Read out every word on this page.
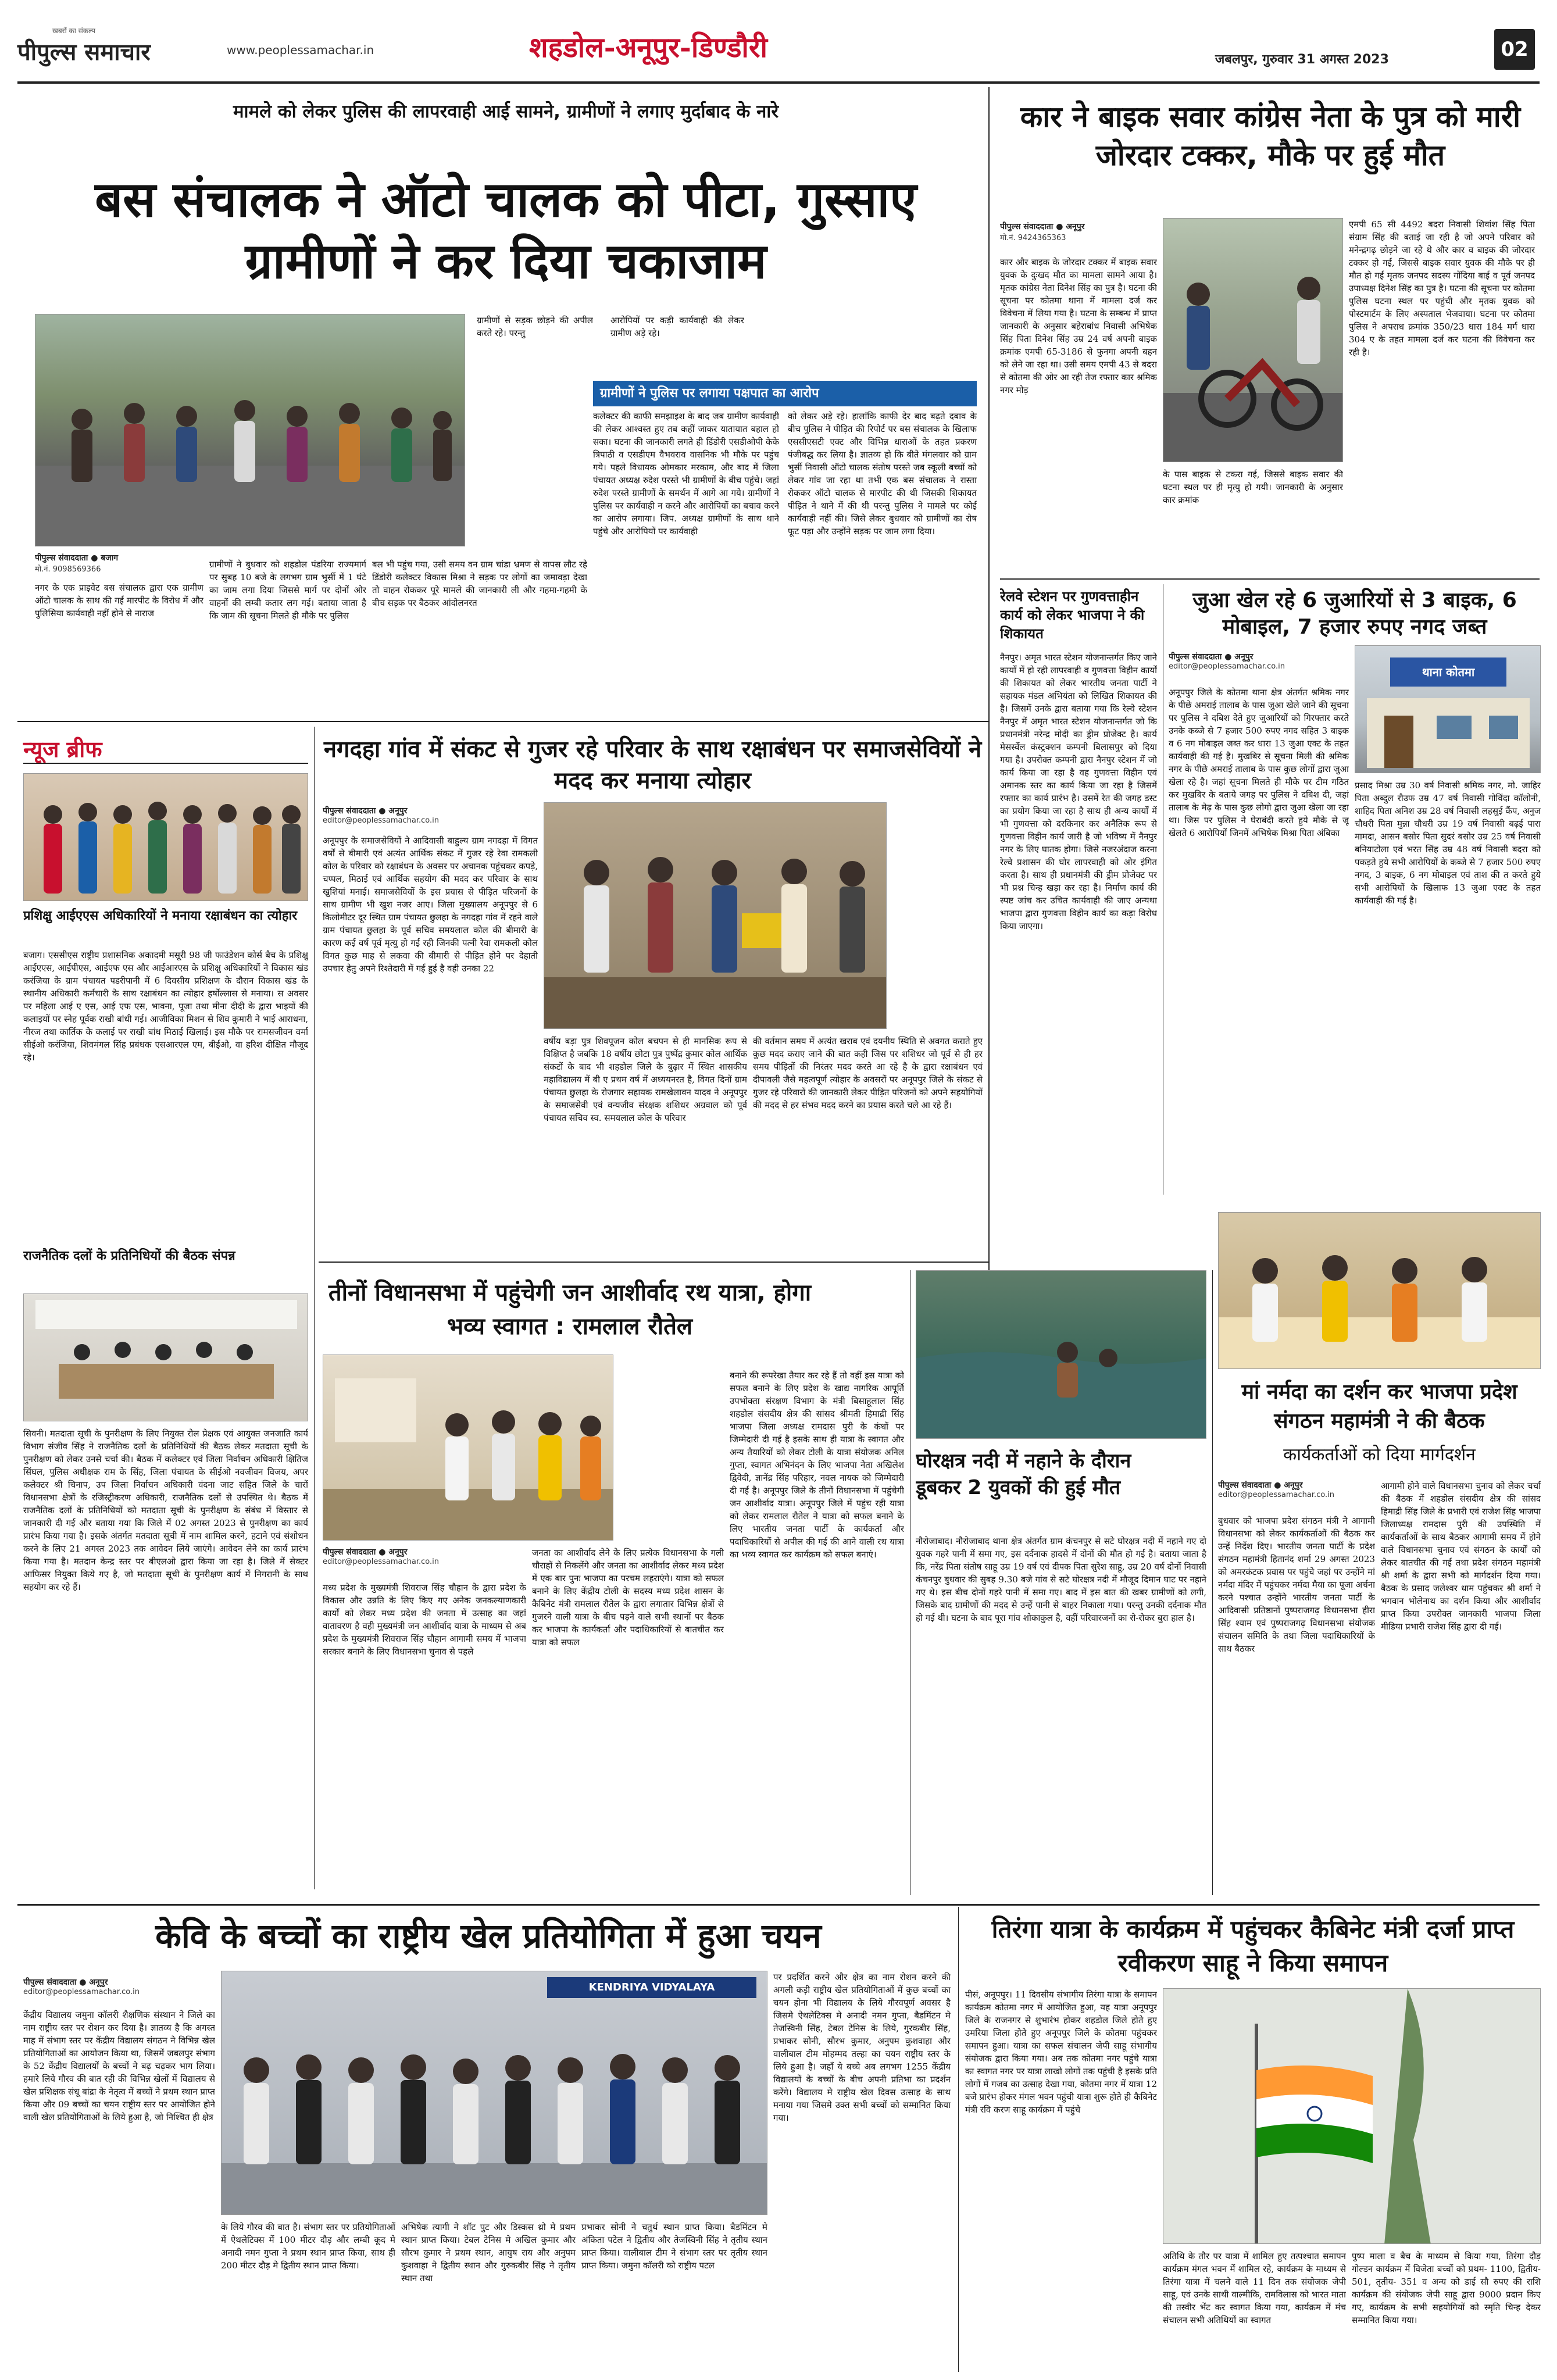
पीपुल्स समाचार
खबरों का संकल्प
www.peoplessamachar.in	शहडोल-अनूपुर-डिण्डौरी	जबलपुर, गुरुवार 31 अगस्त 2023	02
मामले को लेकर पुलिस की लापरवाही आई सामने, ग्रामीणों ने लगाए मुर्दाबाद के नारे
बस संचालक ने ऑटो चालक को पीटा, गुस्साए ग्रामीणों ने कर दिया चकाजाम
पीपुल्स संवाददाता ● बजाग
मो.नं. 9098569366
नगर के एक प्राइवेट बस संचालक द्वारा एक ग्रामीण ऑटो चालक के साथ की गई मारपीट के विरोध में और पुलिसिया कार्यवाही नहीं होने से नाराज
ग्रामीणों ने बुधवार को शहडोल पंडरिया राज्यमार्ग पर सुबह 10 बजे के लगभग ग्राम भुर्सी में 1 घंटे का जाम लगा दिया जिससे मार्ग पर दोनों ओर वाहनों की लम्बी कतार लग गई। बताया जाता है कि जाम की सूचना मिलते ही मौके पर पुलिस
बल भी पहुंच गया, उसी समय वन ग्राम चांडा भ्रमण से वापस लौट रहे डिंडोरी कलेक्टर विकास मिश्रा ने सड़क पर लोगों का जमावड़ा देखा तो वाहन रोककर पूरे मामले की जानकारी ली और गहमा-गहमी के बीच सड़क पर बैठकर आंदोलनरत
ग्रामीणों से सड़क छोड़ने की अपील करते रहे। परन्तु
आरोपियों पर कड़ी कार्यवाही की लेकर ग्रामीण अड़े रहे।
ग्रामीणों ने पुलिस पर लगाया पक्षपात का आरोप
कलेक्टर की काफी समझाइश के बाद जब ग्रामीण कार्यवाही की लेकर आश्वस्त हुए तब कहीं जाकर यातायात बहाल हो सका। घटना की जानकारी लगते ही डिंडोरी एसडीओपी केके त्रिपाठी व एसडीएम वैभवराव वासनिक भी मौके पर पहुंच गये। पहले विधायक ओमकार मरकाम, और बाद में जिला पंचायत अध्यक्ष रुदेश परस्ते भी ग्रामीणों के बीच पहुंचे। जहां रुदेश परस्ते ग्रामीणों के समर्थन में आगे आ गये। ग्रामीणों ने पुलिस पर कार्यवाही न करने और आरोपियों का बचाव करने का आरोप लगाया। जिप. अध्यक्ष ग्रामीणों के साथ थाने पहुंचे और आरोपियों पर कार्यवाही
को लेकर अड़े रहे। हालांकि काफी देर बाद बढ़ते दबाव के बीच पुलिस ने पीड़ित की रिपोर्ट पर बस संचालक के खिलाफ एससीएसटी एक्ट और विभिन्न धाराओं के तहत प्रकरण पंजीबद्ध कर लिया है। ज्ञातव्य हो कि बीते मंगलवार को ग्राम भुर्सी निवासी ऑटो चालक संतोष परस्ते जब स्कूली बच्चों को लेकर गांव जा रहा था तभी एक बस संचालक ने रास्ता रोककर ऑटो चालक से मारपीट की थी जिसकी शिकायत पीड़ित ने थाने में की थी परन्तु पुलिस ने मामले पर कोई कार्यवाही नहीं की। जिसे लेकर बुधवार को ग्रामीणों का रोष फूट पड़ा और उन्होंने सड़क पर जाम लगा दिया।
कार ने बाइक सवार कांग्रेस नेता के पुत्र को मारी जोरदार टक्कर, मौके पर हुई मौत
पीपुल्स संवाददाता ● अनूपुर
मो.नं. 9424365363
कार और बाइक के जोरदार टक्कर में बाइक सवार युवक के दुःखद मौत का मामला सामने आया है। मृतक कांग्रेस नेता दिनेश सिंह का पुत्र है। घटना की सूचना पर कोतमा थाना में मामला दर्ज कर विवेचना में लिया गया है। घटना के सम्बन्ध में प्राप्त जानकारी के अनुसार बहेराबांध निवासी अभिषेक सिंह पिता दिनेश सिंह उम्र 24 वर्ष अपनी बाइक क्रमांक एमपी 65-3186 से फुनगा अपनी बहन को लेने जा रहा था। उसी समय एमपी 43 से बदरा से कोतमा की ओर आ रही तेज रफ्तार कार श्रमिक नगर मोड़
के पास बाइक से टकरा गई, जिससे बाइक सवार की घटना स्थल पर ही मृत्यु हो गयी। जानकारी के अनुसार कार क्रमांक
एमपी 65 सी 4492 बदरा निवासी शिवांश सिंह पिता संग्राम सिंह की बताई जा रही है जो अपने परिवार को मनेन्द्रगढ़ छोड़ने जा रहे थे और कार व बाइक की जोरदार टक्कर हो गई, जिससे बाइक सवार युवक की मौके पर ही मौत हो गई मृतक जनपद सदस्य गोंदिया बाई व पूर्व जनपद उपाध्यक्ष दिनेश सिंह का पुत्र है। घटना की सूचना पर कोतमा पुलिस घटना स्थल पर पहुंची और मृतक युवक को पोस्टमार्टम के लिए अस्पताल भेजवाया। घटना पर कोतमा पुलिस ने अपराध क्रमांक 350/23 धारा 184 मर्ग धारा 304 ए के तहत मामला दर्ज कर घटना की विवेचना कर रही है।
रेलवे स्टेशन पर गुणवत्ताहीन कार्य को लेकर भाजपा ने की शिकायत
नैनपुर। अमृत भारत स्टेशन योजनान्तर्गत किए जाने कार्यों में हो रही लापरवाही व गुणवत्ता विहीन कार्यों की शिकायत को लेकर भारतीय जनता पार्टी ने सहायक मंडल अभियंता को लिखित शिकायत की है। जिसमें उनके द्वारा बताया गया कि रेल्वे स्टेशन नैनपुर में अमृत भारत स्टेशन योजनान्तर्गत जो कि प्रधानमंत्री नरेन्द्र मोदी का ड्रीम प्रोजेक्ट है। कार्य मेसर्स्वेल कंस्ट्रक्शन कम्पनी बिलासपुर को दिया गया है। उपरोक्त कम्पनी द्वारा नैनपुर स्टेशन में जो कार्य किया जा रहा है वह गुणवत्ता विहीन एवं अमानक स्तर का कार्य किया जा रहा है जिसमें रफ्तार का कार्य प्रारंभ है। उसमें रेत की जगह डस्ट का प्रयोग किया जा रहा है साथ ही अन्य कार्यों में भी गुणवत्ता को दरकिनार कर अनैतिक रूप से गुणवत्ता विहीन कार्य जारी है जो भविष्य में नैनपुर नगर के लिए घातक होगा। जिसे नजरअंदाज करना रेल्वे प्रशासन की घोर लापरवाही को ओर इंगित करता है। साथ ही प्रधानमंत्री की ड्रीम प्रोजेक्ट पर भी प्रश्न चिन्ह खड़ा कर रहा है। निर्माण कार्य की स्पष्ट जांच कर उचित कार्यवाही की जाए अन्यथा भाजपा द्वारा गुणवत्ता विहीन कार्य का कड़ा विरोध किया जाएगा।
जुआ खेल रहे 6 जुआरियों से 3 बाइक, 6 मोबाइल, 7 हजार रुपए नगद जब्त
पीपुल्स संवाददाता ● अनूपुर
editor@peoplessamachar.co.in	थाना कोतमा
अनूपपुर जिले के कोतमा थाना क्षेत्र अंतर्गत श्रमिक नगर के पीछे अमराई तालाब के पास जुआ खेले जाने की सूचना पर पुलिस ने दबिश देते हुए जुआरियों को गिरफ्तार करते उनके कब्जे से 7 हजार 500 रुपए नगद सहित 3 बाइक व 6 नग मोबाइल जब्त कर धारा 13 जुआ एक्ट के तहत कार्यवाही की गई है। मुखबिर से सूचना मिली की श्रमिक नगर के पीछे अमराई तालाब के पास कुछ लोगों द्वारा जुआ खेला रहे है। जहां सूचना मिलते ही मौके पर टीम गठित कर मुखबिर के बताये जगह पर पुलिस ने दबिश दी, जहां तालाब के मेढ़ के पास कुछ लोगो द्वारा जुआ खेला जा रहा था। जिस पर पुलिस ने घेराबंदी करते हुये मौके से जू खेलते 6 आरोपियों जिनमें अभिषेक मिश्रा पिता अंबिका
प्रसाद मिश्रा उम्र 30 वर्ष निवासी श्रमिक नगर, मो. जाहिर पिता अब्दुल रौउफ उम्र 47 वर्ष निवासी गोविंदा कॉलोनी, शाहिद पिता अनिश उम्र 28 वर्ष निवासी लहसुई कैंप, अनुज चौधरी पिता मुन्ना चौधरी उम्र 19 वर्ष निवासी बढ़ई पारा मामदा, आसन बसोर पिता सुदरं बसोर उम्र 25 वर्ष निवासी बनियाटोला एवं भरत सिंह उम्र 48 वर्ष निवासी बदरा को पकड़ते हुये सभी आरोपियों के कब्जे से 7 हजार 500 रुपए नगद, 3 बाइक, 6 नग मोबाइल एवं ताश की त करते हुये सभी आरोपियों के खिलाफ 13 जुआ एक्ट के तहत कार्यवाही की गई है।
न्यूज ब्रीफ
प्रशिक्षु आईएएस अधिकारियों ने मनाया रक्षाबंधन का त्योहार
बजाग। एससीएस राष्ट्रीय प्रशासनिक अकादमी मसूरी 98 जी फाउंडेशन कोर्स बैच के प्रशिक्षु आईएएस, आईपीएस, आईएफ एस और आईआरएस के प्रशिक्षु अधिकारियों ने विकास खंड करंजिया के ग्राम पंचायत पडरीपानी में 6 दिवसीय प्रशिक्षण के दौरान विकास खंड के स्थानीय अधिकारी कर्मचारी के साथ रक्षाबंधन का त्योहार हर्षोल्लास से मनाया। स अवसर पर महिला आई ए एस, आई एफ एस, भावना, पूजा तथा मीना दीदी के द्वारा भाइयों की कलाइयों पर स्नेह पूर्वक राखी बांधी गई। आजीविका मिशन से शिव कुमारी ने भाई आराधना, नीरज तथा कार्तिक के कलाई पर राखी बांध मिठाई खिलाई। इस मौके पर रामसजीवन वर्मा सीईओ करंजिया, शिवमंगल सिंह प्रबंधक एसआरएल एम, बीईओ, वा हरिश दीक्षित मौजूद रहे।
राजनैतिक दलों के प्रतिनिधियों की बैठक संपन्न
सिवनी। मतदाता सूची के पुनरीक्षण के लिए नियुक्त रोल प्रेक्षक एवं आयुक्त जनजाति कार्य विभाग संजीव सिंह ने राजनैतिक दलों के प्रतिनिधियों की बैठक लेकर मतदाता सूची के पुनरीक्षण को लेकर उनसे चर्चा की। बैठक में कलेक्टर एवं जिला निर्वाचन अधिकारी क्षितिज सिंघल, पुलिस अधीक्षक राम के सिंह, जिला पंचायत के सीईओ नवजीवन विजय, अपर कलेक्टर श्री चिनाप, उप जिला निर्वाचन अधिकारी वंदना जाट सहित जिले के चारों विधानसभा क्षेत्रों के रजिस्ट्रीकरण अधिकारी, राजनैतिक दलों से उपस्थित थे। बैठक में राजनैतिक दलों के प्रतिनिधियों को मतदाता सूची के पुनरीक्षण के संबंध में विस्तार से जानकारी दी गई और बताया गया कि जिले में 02 अगस्त 2023 से पुनरीक्षण का कार्य प्रारंभ किया गया है। इसके अंतर्गत मतदाता सूची में नाम शामिल करने, हटाने एवं संशोधन करने के लिए 21 अगस्त 2023 तक आवेदन लिये जाएंगे। आवेदन लेने का कार्य प्रारंभ किया गया है। मतदान केन्द्र स्तर पर बीएलओ द्वारा किया जा रहा है। जिले में सेक्टर आफिसर नियुक्त किये गए है, जो मतदाता सूची के पुनरीक्षण कार्य में निगरानी के साथ सहयोग कर रहे हैं।
नगदहा गांव में संकट से गुजर रहे परिवार के साथ रक्षाबंधन पर समाजसेवियों ने मदद कर मनाया त्योहार
पीपुल्स संवाददाता ● अनूपुर
editor@peoplessamachar.co.in
अनूपपुर के समाजसेवियों ने आदिवासी बाहुल्य ग्राम नगदहा में विगत वर्षों से बीमारी एवं अत्यंत आर्थिक संकट में गुजर रहे रेवा रामकली कोल के परिवार को रक्षाबंधन के अवसर पर अचानक पहुंचकर कपड़े, चप्पल, मिठाई एवं आर्थिक सहयोग की मदद कर परिवार के साथ खुशियां मनाई। समाजसेवियों के इस प्रयास से पीड़ित परिजनों के साथ ग्रामीण भी खुश नजर आए। जिला मुख्यालय अनूपपुर से 6 किलोमीटर दूर स्थित ग्राम पंचायत छुलहा के नगदहा गांव में रहने वाले ग्राम पंचायत छुलहा के पूर्व सचिव समयलाल कोल की बीमारी के कारण कई वर्ष पूर्व मृत्यु हो गई रही जिनकी पत्नी रेवा रामकली कोल विगत कुछ माह से लकवा की बीमारी से पीड़ित होने पर देहाती उपचार हेतु अपने रिश्तेदारी में गई हुई है वही उनका 22
वर्षीय बड़ा पुत्र शिवपूजन कोल बचपन से ही मानसिक रूप से विक्षिप्त है जबकि 18 वर्षीय छोटा पुत्र पुष्पेंद्र कुमार कोल आर्थिक संकटों के बाद भी शहडोल जिले के बुढ़ार में स्थित शासकीय महाविद्यालय में बी ए प्रथम वर्ष में अध्ययनरत है, विगत दिनों ग्राम पंचायत छुलहा के रोजगार सहायक रामखेलावन यादव ने अनूपपुर के समाजसेवी एवं वन्यजीव संरक्षक शशिधर अग्रवाल को पूर्व पंचायत सचिव स्व. समयलाल कोल के परिवार
की वर्तमान समय में अत्यंत खराब एवं दयनीय स्थिति से अवगत कराते हुए कुछ मदद कराए जाने की बात कही जिस पर शशिधर जो पूर्व से ही हर समय पीड़ितों की निरंतर मदद करते आ रहे है के द्वारा रक्षाबंधन एवं दीपावली जैसे महत्वपूर्ण त्योहार के अवसरों पर अनूपपुर जिले के संकट से गुजर रहे परिवारों की जानकारी लेकर पीड़ित परिजनों को अपने सहयोगियों की मदद से हर संभव मदद करने का प्रयास करते चले आ रहे हैं।
तीनों विधानसभा में पहुंचेगी जन आशीर्वाद रथ यात्रा, होगा भव्य स्वागत : रामलाल रौतेल
पीपुल्स संवाददाता ● अनूपुर
editor@peoplessamachar.co.in
मध्य प्रदेश के मुख्यमंत्री शिवराज सिंह चौहान के द्वारा प्रदेश के विकास और उन्नति के लिए किए गए अनेक जनकल्याणकारी कार्यों को लेकर मध्य प्रदेश की जनता में उत्साह का जहां वातावरण है वही मुख्यमंत्री जन आशीर्वाद यात्रा के माध्यम से अब प्रदेश के मुख्यमंत्री शिवराज सिंह चौहान आगामी समय में भाजपा सरकार बनाने के लिए विधानसभा चुनाव से पहले
जनता का आशीर्वाद लेने के लिए प्रत्येक विधानसभा के गली चौराहों से निकलेंगे और जनता का आशीर्वाद लेकर मध्य प्रदेश में एक बार पुनः भाजपा का परचम लहराएंगे। यात्रा को सफल बनाने के लिए केंद्रीय टोली के सदस्य मध्य प्रदेश शासन के कैबिनेट मंत्री रामलाल रौतेल के द्वारा लगातार विभिन्न क्षेत्रों से गुजरने वाली यात्रा के बीच पड़ने वाले सभी स्थानों पर बैठक कर भाजपा के कार्यकर्ता और पदाधिकारियों से बातचीत कर यात्रा को सफल
बनाने की रूपरेखा तैयार कर रहे हैं तो वहीं इस यात्रा को सफल बनाने के लिए प्रदेश के खाद्य नागरिक आपूर्ति उपभोक्ता संरक्षण विभाग के मंत्री बिसाहूलाल सिंह शहडोल संसदीय क्षेत्र की सांसद श्रीमती हिमाद्री सिंह भाजपा जिला अध्यक्ष रामदास पुरी के कंधों पर जिम्मेदारी दी गई है इसके साथ ही यात्रा के स्वागत और अन्य तैयारियों को लेकर टोली के यात्रा संयोजक अनिल गुप्ता, स्वागत अभिनंदन के लिए भाजपा नेता अखिलेश द्विवेदी, ज्ञानेंद्र सिंह परिहार, नवल नायक को जिम्मेदारी दी गई है। अनूपपुर जिले के तीनों विधानसभा में पहुंचेगी जन आशीर्वाद यात्रा। अनूपपुर जिले में पहुंच रही यात्रा को लेकर रामलाल रौतेल ने यात्रा को सफल बनाने के लिए भारतीय जनता पार्टी के कार्यकर्ता और पदाधिकारियों से अपील की गई की आने वाली रथ यात्रा का भव्य स्वागत कर कार्यक्रम को सफल बनाएं।
घोरक्षत्र नदी में नहाने के दौरान डूबकर 2 युवकों की हुई मौत
नौरोजाबाद। नौरोजाबाद थाना क्षेत्र अंतर्गत ग्राम कंचनपुर से सटे घोरक्षत्र नदी में नहाने गए दो युवक गहरे पानी में समा गए, इस दर्दनाक हादसे में दोनों की मौत हो गई है। बताया जाता है कि, नरेंद्र पिता संतोष साहू उम्र 19 वर्ष एवं दीपक पिता सुरेश साहू, उम्र 20 वर्ष दोनों निवासी कंचनपुर बुधवार की सुबह 9.30 बजे गांव से सटे घोरक्षत्र नदी में मौजूद दिमान घाट पर नहाने गए थे। इस बीच दोनों गहरे पानी में समा गए। बाद में इस बात की खबर ग्रामीणों को लगी, जिसके बाद ग्रामीणों की मदद से उन्हें पानी से बाहर निकाला गया। परन्तु उनकी दर्दनाक मौत हो गई थी। घटना के बाद पूरा गांव शोकाकुल है, वहीं परिवारजनों का रो-रोकर बुरा हाल है।
मां नर्मदा का दर्शन कर भाजपा प्रदेश संगठन महामंत्री ने की बैठक
कार्यकर्ताओं को दिया मार्गदर्शन
पीपुल्स संवाददाता ● अनूपुर
editor@peoplessamachar.co.in
बुधवार को भाजपा प्रदेश संगठन मंत्री ने आगामी विधानसभा को लेकर कार्यकर्ताओं की बैठक कर उन्हें निर्देश दिए। भारतीय जनता पार्टी के प्रदेश संगठन महामंत्री हितानंद शर्मा 29 अगस्त 2023 को अमरकंटक प्रवास पर पहुंचे जहां पर उन्होंने मां नर्मदा मंदिर में पहुंचकर नर्मदा मैया का पूजा अर्चना करने पश्चात उन्होंने भारतीय जनता पार्टी के आदिवासी प्रतिष्ठानों पुष्पराजगढ़ विधानसभा हीरा सिंह श्याम एवं पुष्पराजगढ़ विधानसभा संयोजक संचालन समिति के तथा जिला पदाधिकारियों के साथ बैठकर
आगामी होने वाले विधानसभा चुनाव को लेकर चर्चा की बैठक में शहडोल संसदीय क्षेत्र की सांसद हिमाद्री सिंह जिले के प्रभारी एवं राजेश सिंह भाजपा जिलाध्यक्ष रामदास पुरी की उपस्थिति में कार्यकर्ताओं के साथ बैठकर आगामी समय में होने वाले विधानसभा चुनाव एवं संगठन के कार्यों को लेकर बातचीत की गई तथा प्रदेश संगठन महामंत्री श्री शर्मा के द्वारा सभी को मार्गदर्शन दिया गया। बैठक के प्रसाद जलेश्वर धाम पहुंचकर श्री शर्मा ने भगवान भोलेनाथ का दर्शन किया और आशीर्वाद प्राप्त किया उपरोक्त जानकारी भाजपा जिला मीडिया प्रभारी राजेश सिंह द्वारा दी गई।
केवि के बच्चों का राष्ट्रीय खेल प्रतियोगिता में हुआ चयन
पीपुल्स संवाददाता ● अनूपुर
editor@peoplessamachar.co.in
केंद्रीय विद्यालय जमुना कॉलरी शैक्षणिक संस्थान ने जिले का नाम राष्ट्रीय स्तर पर रोशन कर दिया है। ज्ञातव्य है कि अगस्त माह में संभाग स्तर पर केंद्रीय विद्यालय संगठन ने विभिन्न खेल प्रतियोगिताओं का आयोजन किया था, जिसमें जबलपुर संभाग के 52 केंद्रीय विद्यालयों के बच्चों ने बढ़ चढ़कर भाग लिया। हमारे लिये गौरव की बात रही की विभिन्न खेलों में विद्यालय से खेल प्रशिक्षक संधू बांद्रा के नेतृत्व में बच्चों ने प्रथम स्थान प्राप्त किया और 09 बच्चों का चयन राष्ट्रीय स्तर पर आयोजित होने वाली खेल प्रतियोगिताओं के लिये हुआ है, जो निश्चित ही क्षेत्र
KENDRIYA VIDYALAYA
के लिये गौरव की बात है। संभाग स्तर पर प्रतियोगिताओं में ऐथलेटिक्स में 100 मीटर दौड़ और लम्बी कूद मे अनादी नमन गुप्ता ने प्रथम स्थान प्राप्त किया, साथ ही 200 मीटर दौड़ मे द्वितीय स्थान प्राप्त किया।
अभिषेक त्यागी ने शॉट पुट और डिस्कस थ्रो मे प्रथम स्थान प्राप्त किया। टेबल टेनिस मे अखिल कुमार और सौरभ कुमार ने प्रथम स्थान, आयुष राय और अनुपम कुशवाहा ने द्वितीय स्थान और गुरुकबीर सिंह ने तृतीय स्थान तथा
प्रभाकर सोनी ने चतुर्थ स्थान प्राप्त किया। बैडमिंटन मे अंकिता पटेल ने द्वितीय और तेजस्विनी सिंह ने तृतीय स्थान प्राप्त किया। वालीबाल टीम ने संभाग स्तर पर तृतीय स्थान प्राप्त किया। जमुना कॉलरी को राष्ट्रीय पटल
पर प्रदर्शित करने और क्षेत्र का नाम रोशन करने की अगली कड़ी राष्ट्रीय खेल प्रतियोगिताओं में कुछ बच्चों का चयन होना भी विद्यालय के लिये गौरवपूर्ण अवसर है जिसमे ऐथलेटिक्स मे अनादी नमन गुप्ता, बैडमिंटन मे तेजस्विनी सिंह, टेबल टेनिस के लिये, गुरकबीर सिंह, प्रभाकर सोनी, सौरभ कुमार, अनुपम कुशवाहा और वालीबाल टीम मोहम्मद तल्हा का चयन राष्ट्रीय स्तर के लिये हुआ है। जहाँ ये बच्चे अब लगभग 1255 केंद्रीय विद्यालयों के बच्चों के बीच अपनी प्रतिभा का प्रदर्शन करेंगे। विद्यालय मे राष्ट्रीय खेल दिवस उत्साह के साथ मनाया गया जिसमे उक्त सभी बच्चों को सम्मानित किया गया।
तिरंगा यात्रा के कार्यक्रम में पहुंचकर कैबिनेट मंत्री दर्जा प्राप्त रवीकरण साहू ने किया समापन
पीसं, अनूपपुर। 11 दिवसीय संभागीय तिरंगा यात्रा के समापन कार्यक्रम कोतमा नगर में आयोजित हुआ, यह यात्रा अनूपपुर जिले के राजनगर से शुभारंभ होकर शहडोल जिले होते हुए उमरिया जिला होते हुए अनूपपुर जिले के कोतमा पहुंचकर समापन हुआ। यात्रा का सफल संचालन जेपी साहू संभागीय संयोजक द्वारा किया गया। अब तक कोतमा नगर पहुंचे यात्रा का स्वागत नगर पर यात्रा लाखो लोगों तक पहुंची है इसके प्रति लोगों में गजब का उत्साह देखा गया, कोतमा नगर में यात्रा 12 बजे प्रारंभ होकर मंगल भवन पहुंची यात्रा शुरू होते ही कैबिनेट मंत्री रवि करण साहू कार्यक्रम में पहुंचे
अतिथि के तौर पर यात्रा में शामिल हुए तत्पश्चात समापन कार्यक्रम मंगल भवन में शामिल रहे, कार्यक्रम के माध्यम से तिरंगा यात्रा में चलने वाले 11 दिन तक संयोजक जेपी साहू, एवं उनके साथी वाल्मीकि, रामविलास को भारत माता की तस्वीर भेंट कर स्वागत किया गया, कार्यक्रम में मंच संचालन सभी अतिथियों का स्वागत
पुष्प माला व बैच के माध्यम से किया गया, तिरंगा दौड़ गोल्डन कार्यक्रम में विजेता बच्चों को प्रथम- 1100, द्वितीय- 501, तृतीय- 351 व अन्य को डाई सौ रुपए की राशि कार्यक्रम की संयोजक जेपी साहू द्वारा 9000 प्रदान किए गए, कार्यक्रम के सभी सहयोगियों को स्मृति चिन्ह देकर सम्मानित किया गया।
